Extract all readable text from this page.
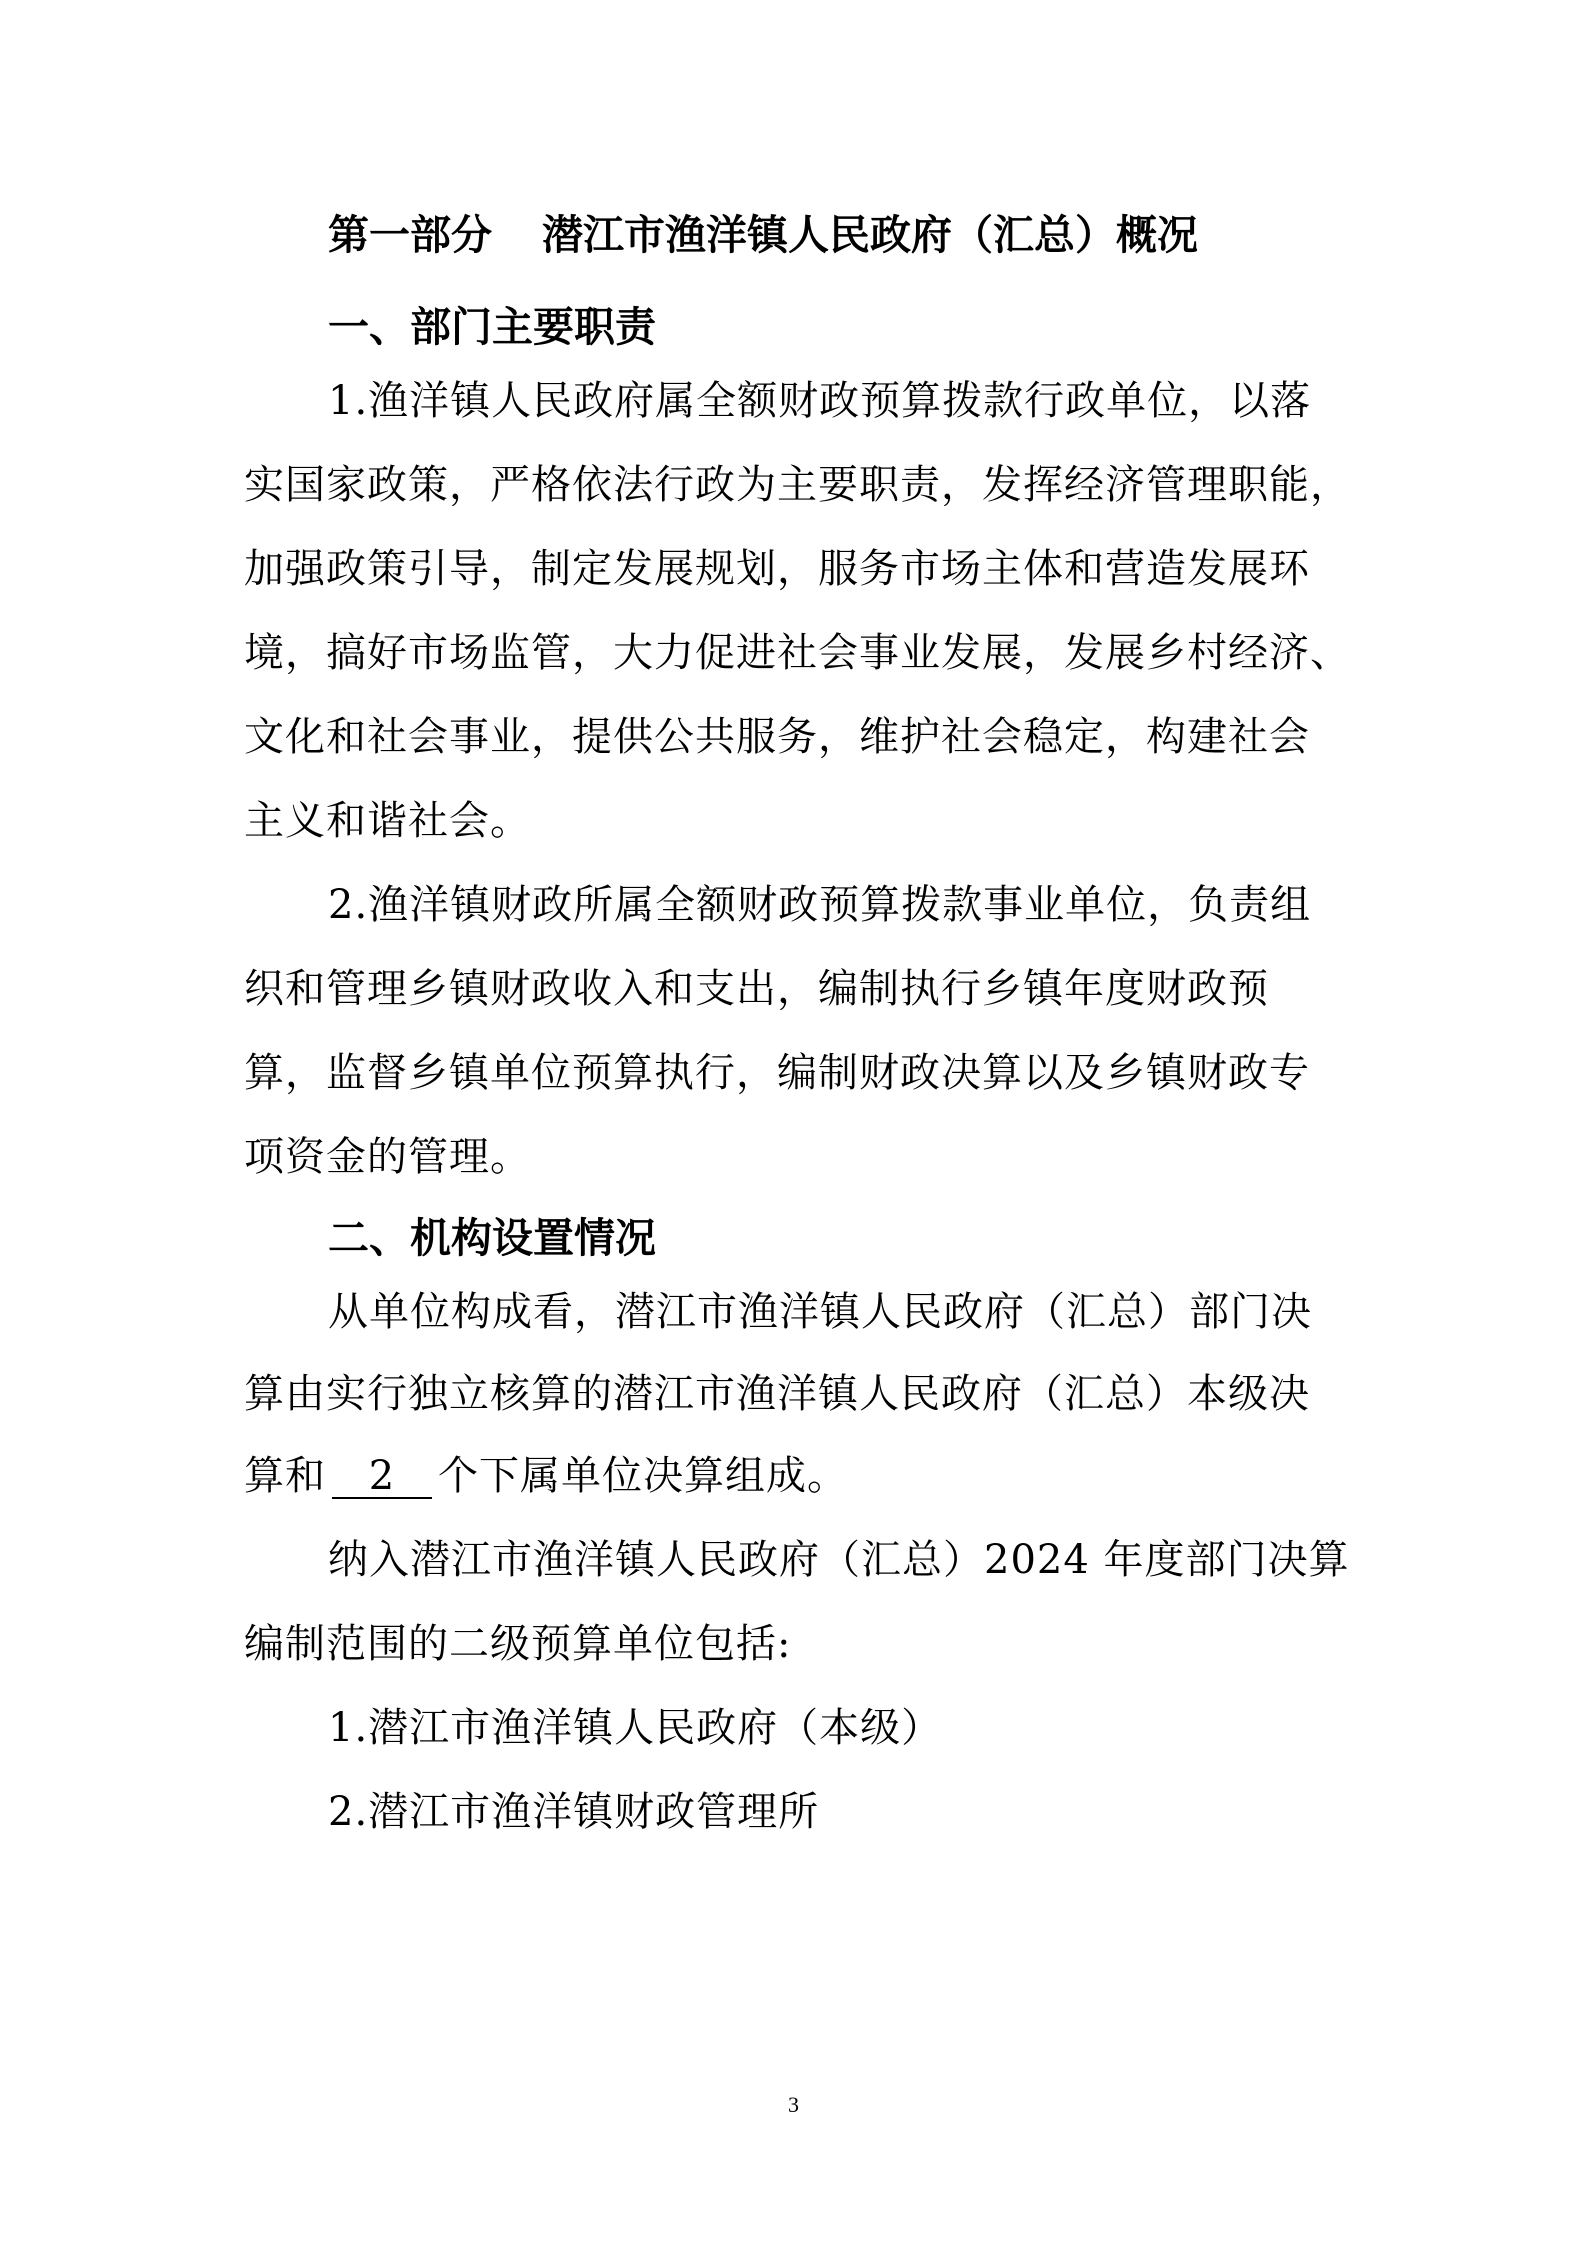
第一部分 潜江市渔洋镇人民政府（汇总）概况
一、部门主要职责
1.渔洋镇人民政府属全额财政预算拨款行政单位，以落
实国家政策，严格依法行政为主要职责，发挥经济管理职能，
加强政策引导，制定发展规划，服务市场主体和营造发展环
境，搞好市场监管，大力促进社会事业发展，发展乡村经济、
文化和社会事业，提供公共服务，维护社会稳定，构建社会
主义和谐社会。
2.渔洋镇财政所属全额财政预算拨款事业单位，负责组
织和管理乡镇财政收入和支出，编制执行乡镇年度财政预
算，监督乡镇单位预算执行，编制财政决算以及乡镇财政专
项资金的管理。
二、机构设置情况
从单位构成看，潜江市渔洋镇人民政府（汇总）部门决
算由实行独立核算的潜江市渔洋镇人民政府（汇总）本级决
算和 2 个下属单位决算组成。
纳入潜江市渔洋镇人民政府（汇总）2024 年度部门决算
编制范围的二级预算单位包括:
1.潜江市渔洋镇人民政府（本级）
2.潜江市渔洋镇财政管理所
3
